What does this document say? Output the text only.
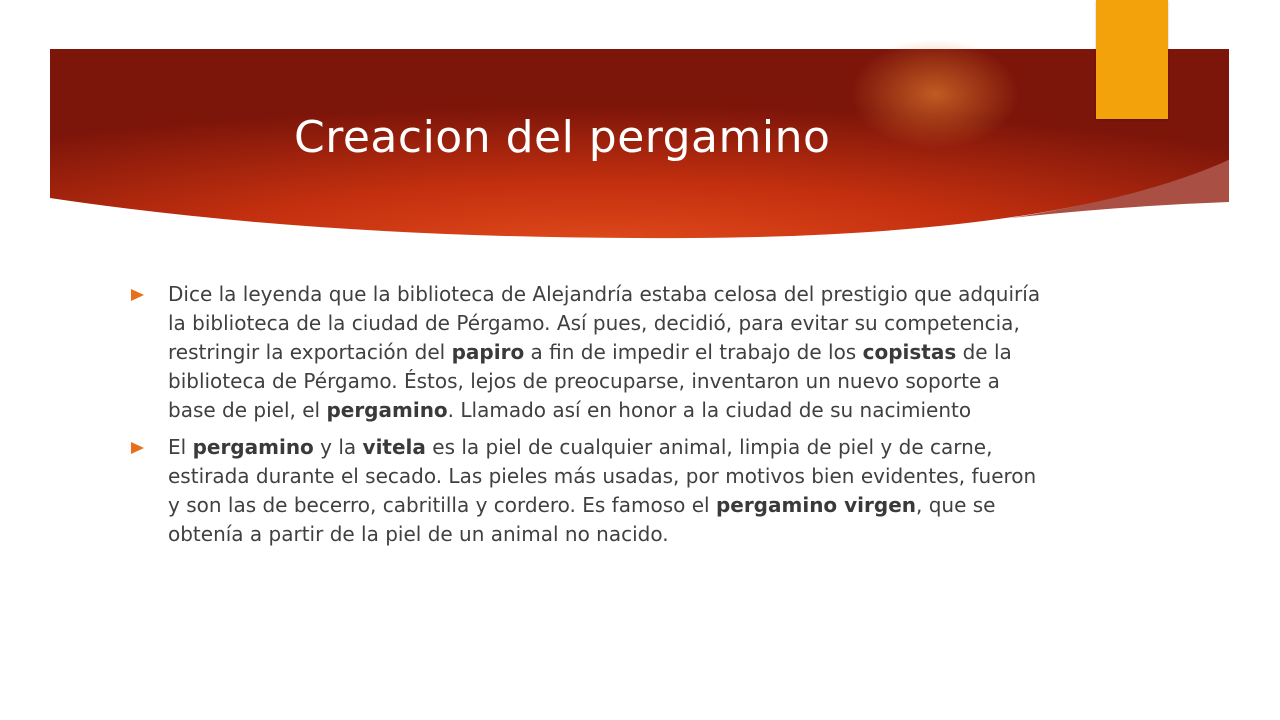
Creacion del pergamino
Dice la leyenda que la biblioteca de Alejandría estaba celosa del prestigio que adquiría la biblioteca de la ciudad de Pérgamo. Así pues, decidió, para evitar su competencia, restringir la exportación del papiro a fin de impedir el trabajo de los copistas de la biblioteca de Pérgamo. Éstos, lejos de preocuparse, inventaron un nuevo soporte a base de piel, el pergamino. Llamado así en honor a la ciudad de su nacimiento
El pergamino y la vitela es la piel de cualquier animal, limpia de piel y de carne, estirada durante el secado. Las pieles más usadas, por motivos bien evidentes, fueron y son las de becerro, cabritilla y cordero. Es famoso el pergamino virgen, que se obtenía a partir de la piel de un animal no nacido.
